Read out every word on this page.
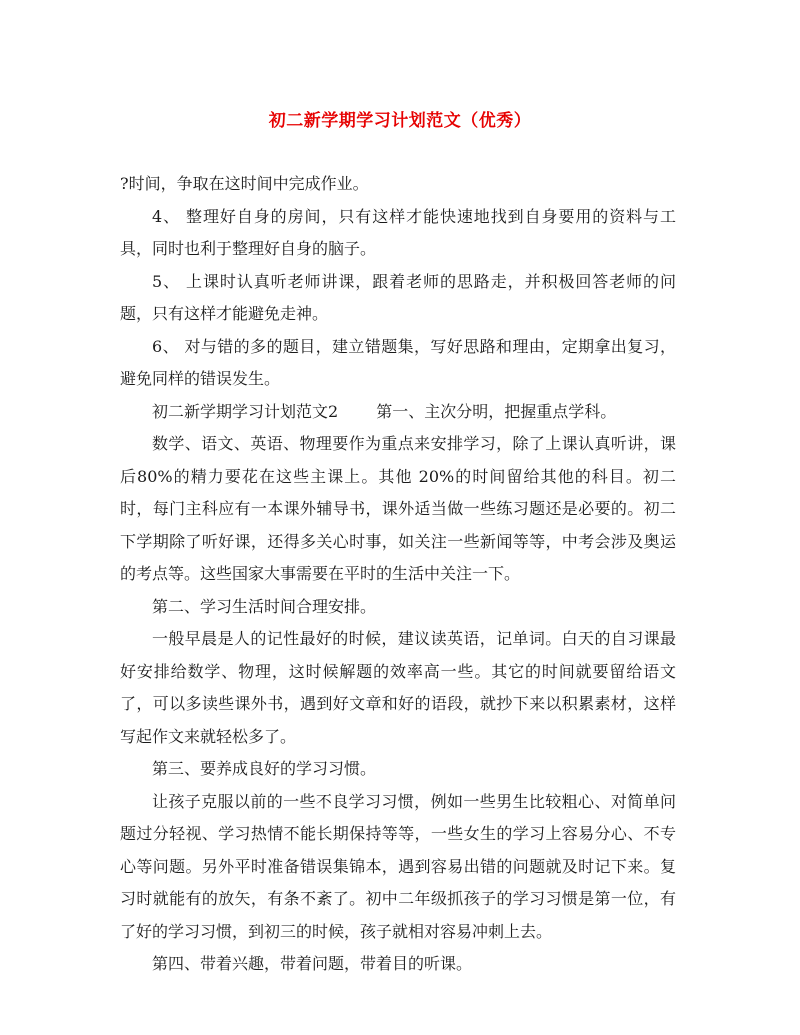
初二新学期学习计划范文（优秀）

?时间，争取在这时间中完成作业。

4、 整理好自身的房间，只有这样才能快速地找到自身要用的资料与工具，同时也利于整理好自身的脑子。

5、 上课时认真听老师讲课，跟着老师的思路走，并积极回答老师的问题，只有这样才能避免走神。

6、 对与错的多的题目，建立错题集，写好思路和理由，定期拿出复习，避免同样的错误发生。

初二新学期学习计划范文2 第一、主次分明，把握重点学科。

数学、语文、英语、物理要作为重点来安排学习，除了上课认真听讲，课后80%的精力要花在这些主课上。其他 20%的时间留给其他的科目。初二时，每门主科应有一本课外辅导书，课外适当做一些练习题还是必要的。初二下学期除了听好课，还得多关心时事，如关注一些新闻等等，中考会涉及奥运的考点等。这些国家大事需要在平时的生活中关注一下。

第二、学习生活时间合理安排。

一般早晨是人的记性最好的时候，建议读英语，记单词。白天的自习课最好安排给数学、物理，这时候解题的效率高一些。其它的时间就要留给语文了，可以多读些课外书，遇到好文章和好的语段，就抄下来以积累素材，这样写起作文来就轻松多了。

第三、要养成良好的学习习惯。

让孩子克服以前的一些不良学习习惯，例如一些男生比较粗心、对简单问题过分轻视、学习热情不能长期保持等等，一些女生的学习上容易分心、不专心等问题。另外平时准备错误集锦本，遇到容易出错的问题就及时记下来。复习时就能有的放矢，有条不紊了。初中二年级抓孩子的学习习惯是第一位，有了好的学习习惯，到初三的时候，孩子就相对容易冲刺上去。

第四、带着兴趣，带着问题，带着目的听课。
